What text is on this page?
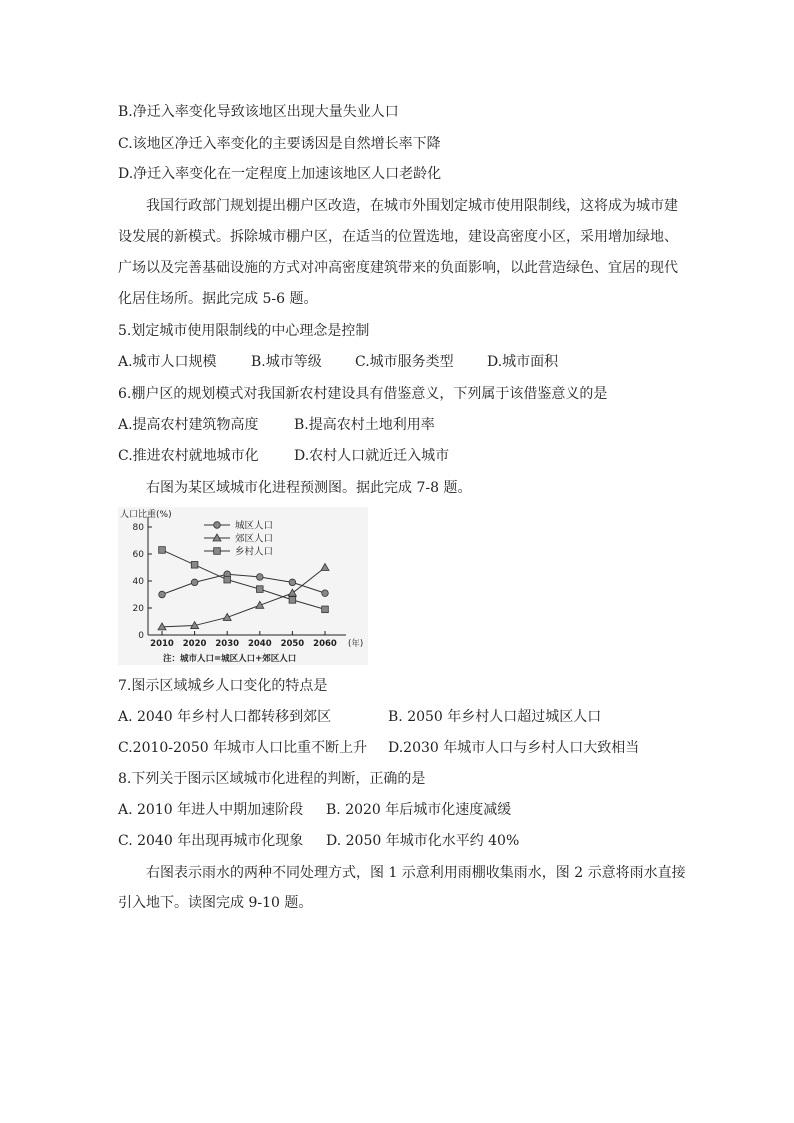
B.净迁入率变化导致该地区出现大量失业人口
C.该地区净迁入率变化的主要诱因是自然增长率下降
D.净迁入率变化在一定程度上加速该地区人口老龄化
我国行政部门规划提出棚户区改造，在城市外围划定城市使用限制线，这将成为城市建
设发展的新模式。拆除城市棚户区，在适当的位置选地，建设高密度小区，采用增加绿地、
广场以及完善基础设施的方式对冲高密度建筑带来的负面影响，以此营造绿色、宜居的现代
化居住场所。据此完成 5-6 题。
5.划定城市使用限制线的中心理念是控制
A.城市人口规模 B.城市等级 C.城市服务类型 D.城市面积
6.棚户区的规划模式对我国新农村建设具有借鉴意义，下列属于该借鉴意义的是
A.提高农村建筑物高度	B.提高农村土地利用率
C.推进农村就地城市化	D.农村人口就近迁入城市
右图为某区域城市化进程预测图。据此完成 7-8 题。
人口比重(%)
0
20
40
60
80
2010 2020 2030 2040 2050 2060 (年)
城区人口
郊区人口
乡村人口
注：城市人口=城区人口+郊区人口
7.图示区域城乡人口变化的特点是
A. 2040 年乡村人口都转移到郊区	B. 2050 年乡村人口超过城区人口
C.2010-2050 年城市人口比重不断上升 D.2030 年城市人口与乡村人口大致相当
8.下列关于图示区域城市化进程的判断，正确的是
A. 2010 年进人中期加速阶段 B. 2020 年后城市化速度减缓
C. 2040 年出现再城市化现象 D. 2050 年城市化水平约 40%
右图表示雨水的两种不同处理方式，图 1 示意利用雨棚收集雨水，图 2 示意将雨水直接
引入地下。读图完成 9-10 题。
